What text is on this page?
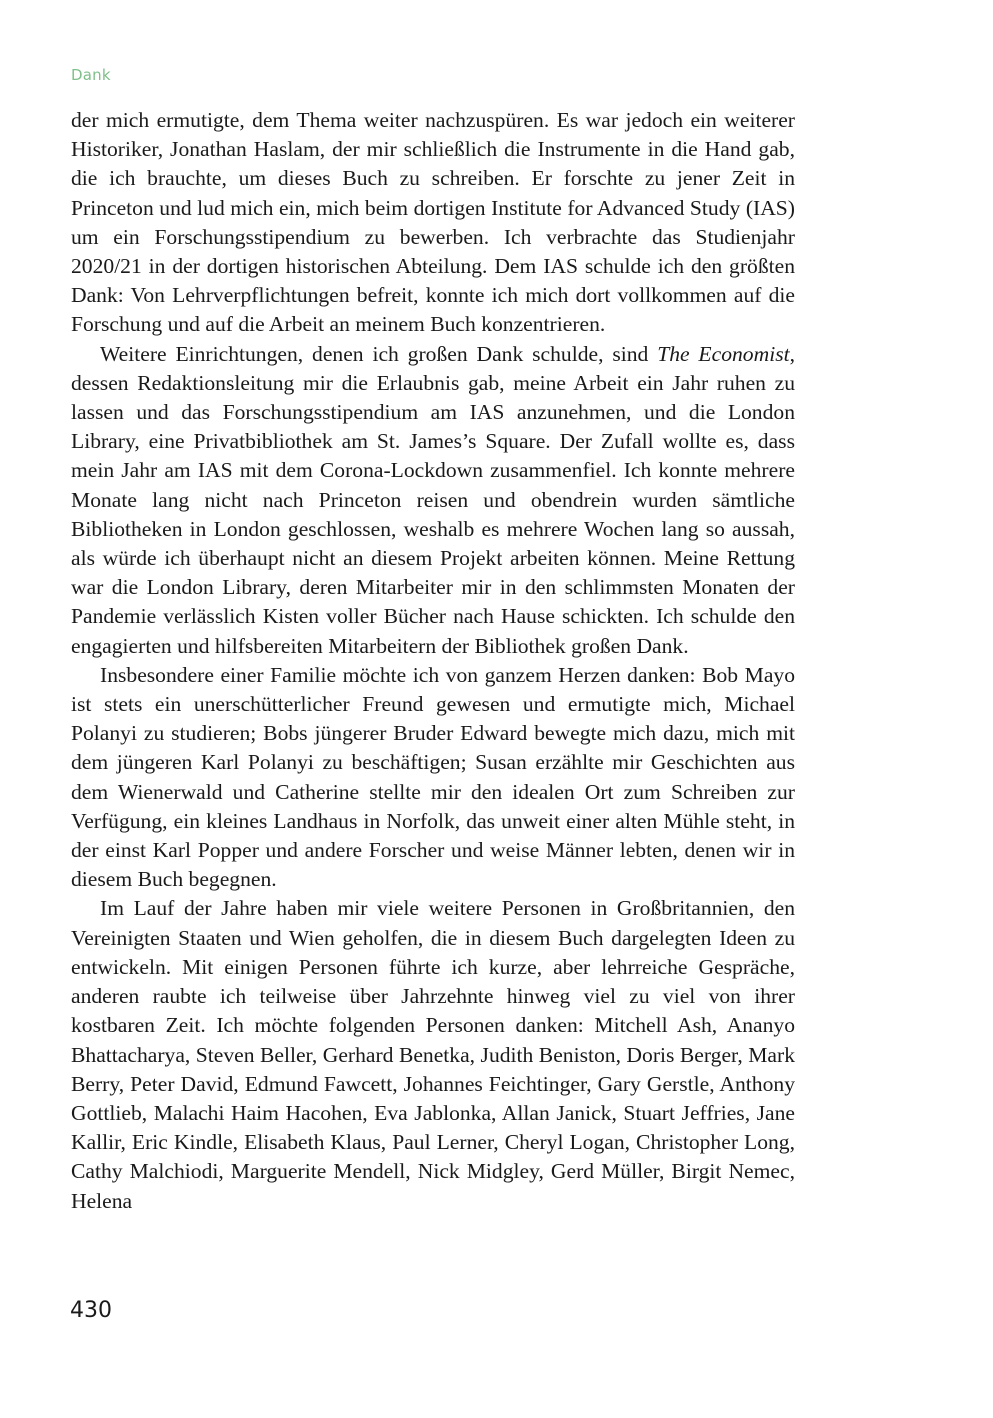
Dank

der mich ermutigte, dem Thema weiter nachzuspüren. Es war jedoch ein weiterer Historiker, Jonathan Haslam, der mir schließlich die Instrumente in die Hand gab, die ich brauchte, um dieses Buch zu schreiben. Er forschte zu jener Zeit in Princeton und lud mich ein, mich beim dortigen Institute for Advanced Study (IAS) um ein Forschungsstipendium zu bewerben. Ich verbrachte das Studienjahr 2020/21 in der dortigen historischen Abteilung. Dem IAS schulde ich den größten Dank: Von Lehrverpflichtungen befreit, konnte ich mich dort vollkommen auf die Forschung und auf die Arbeit an meinem Buch konzentrieren.

Weitere Einrichtungen, denen ich großen Dank schulde, sind The Economist, dessen Redaktionsleitung mir die Erlaubnis gab, meine Arbeit ein Jahr ruhen zu lassen und das Forschungsstipendium am IAS anzunehmen, und die London Library, eine Privatbibliothek am St. James’s Square. Der Zufall wollte es, dass mein Jahr am IAS mit dem Corona-Lockdown zusammenfiel. Ich konnte mehrere Monate lang nicht nach Princeton reisen und obendrein wurden sämtliche Bibliotheken in London geschlossen, weshalb es mehrere Wochen lang so aussah, als würde ich überhaupt nicht an diesem Projekt arbeiten können. Meine Rettung war die London Library, deren Mitarbeiter mir in den schlimmsten Monaten der Pandemie verlässlich Kisten voller Bücher nach Hause schickten. Ich schulde den engagierten und hilfsbereiten Mitarbeitern der Bibliothek großen Dank.

Insbesondere einer Familie möchte ich von ganzem Herzen danken: Bob Mayo ist stets ein unerschütterlicher Freund gewesen und ermutigte mich, Michael Polanyi zu studieren; Bobs jüngerer Bruder Edward bewegte mich dazu, mich mit dem jüngeren Karl Polanyi zu beschäftigen; Susan erzählte mir Geschichten aus dem Wienerwald und Catherine stellte mir den idealen Ort zum Schreiben zur Verfügung, ein kleines Landhaus in Norfolk, das unweit einer alten Mühle steht, in der einst Karl Popper und andere Forscher und weise Männer lebten, denen wir in diesem Buch begegnen.

Im Lauf der Jahre haben mir viele weitere Personen in Großbritannien, den Vereinigten Staaten und Wien geholfen, die in diesem Buch dargelegten Ideen zu entwickeln. Mit einigen Personen führte ich kurze, aber lehrreiche Gespräche, anderen raubte ich teilweise über Jahrzehnte hinweg viel zu viel von ihrer kostbaren Zeit. Ich möchte folgenden Personen danken: Mitchell Ash, Ananyo Bhattacharya, Steven Beller, Gerhard Benetka, Judith Beniston, Doris Berger, Mark Berry, Peter David, Edmund Fawcett, Johannes Feichtinger, Gary Gerstle, Anthony Gottlieb, Malachi Haim Hacohen, Eva Jablonka, Allan Janick, Stuart Jeffries, Jane Kallir, Eric Kindle, Elisabeth Klaus, Paul Lerner, Cheryl Logan, Christopher Long, Cathy Malchiodi, Marguerite Mendell, Nick Midgley, Gerd Müller, Birgit Nemec, Helena

430
